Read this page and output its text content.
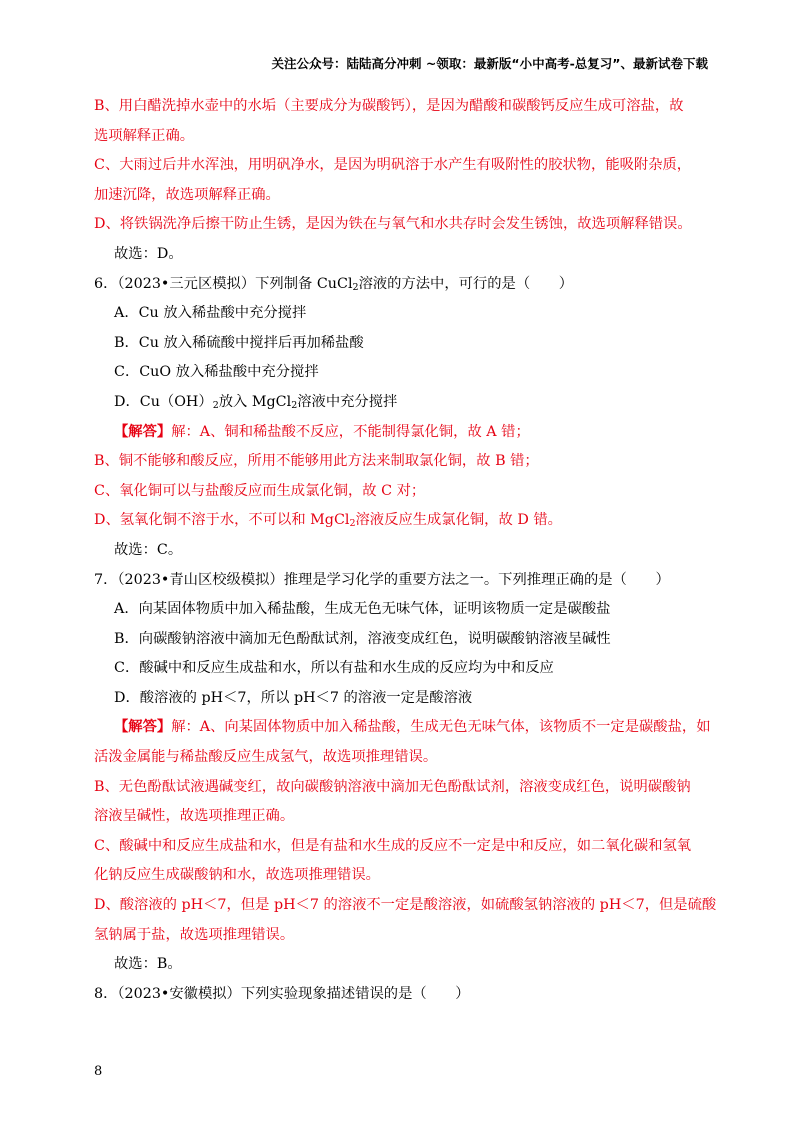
关注公众号：陆陆高分冲刺 ~领取：最新版“小中高考-总复习”、最新试卷下载
B、用白醋洗掉水壶中的水垢（主要成分为碳酸钙），是因为醋酸和碳酸钙反应生成可溶盐，故
选项解释正确。
C、大雨过后井水浑浊，用明矾净水，是因为明矾溶于水产生有吸附性的胶状物，能吸附杂质，
加速沉降，故选项解释正确。
D、将铁锅洗净后擦干防止生锈，是因为铁在与氧气和水共存时会发生锈蚀，故选项解释错误。
故选：D。
6．（2023•三元区模拟）下列制备 CuCl$_2$溶液的方法中，可行的是（　　）
A．Cu 放入稀盐酸中充分搅拌
B．Cu 放入稀硫酸中搅拌后再加稀盐酸
C．CuO 放入稀盐酸中充分搅拌
D．$Cu(OH)_2$放入 MgCl$_2$溶液中充分搅拌
【解答】解：A、铜和稀盐酸不反应，不能制得氯化铜，故 A 错；
B、铜不能够和酸反应，所用不能够用此方法来制取氯化铜，故 B 错；
C、氧化铜可以与盐酸反应而生成氯化铜，故 C 对；
D、氢氧化铜不溶于水，不可以和 MgCl$_2$溶液反应生成氯化铜，故 D 错。
故选：C。
7．（2023•青山区校级模拟）推理是学习化学的重要方法之一。下列推理正确的是（　　）
A．向某固体物质中加入稀盐酸，生成无色无味气体，证明该物质一定是碳酸盐
B．向碳酸钠溶液中滴加无色酚酞试剂，溶液变成红色，说明碳酸钠溶液呈碱性
C．酸碱中和反应生成盐和水，所以有盐和水生成的反应均为中和反应
D．酸溶液的 pH＜7，所以 pH＜7 的溶液一定是酸溶液
【解答】解：A、向某固体物质中加入稀盐酸，生成无色无味气体，该物质不一定是碳酸盐，如
活泼金属能与稀盐酸反应生成氢气，故选项推理错误。
B、无色酚酞试液遇碱变红，故向碳酸钠溶液中滴加无色酚酞试剂，溶液变成红色，说明碳酸钠
溶液呈碱性，故选项推理正确。
C、酸碱中和反应生成盐和水，但是有盐和水生成的反应不一定是中和反应，如二氧化碳和氢氧
化钠反应生成碳酸钠和水，故选项推理错误。
D、酸溶液的 pH＜7，但是 pH＜7 的溶液不一定是酸溶液，如硫酸氢钠溶液的 pH＜7，但是硫酸
氢钠属于盐，故选项推理错误。
故选：B。
8．（2023•安徽模拟）下列实验现象描述错误的是（　　）
8
